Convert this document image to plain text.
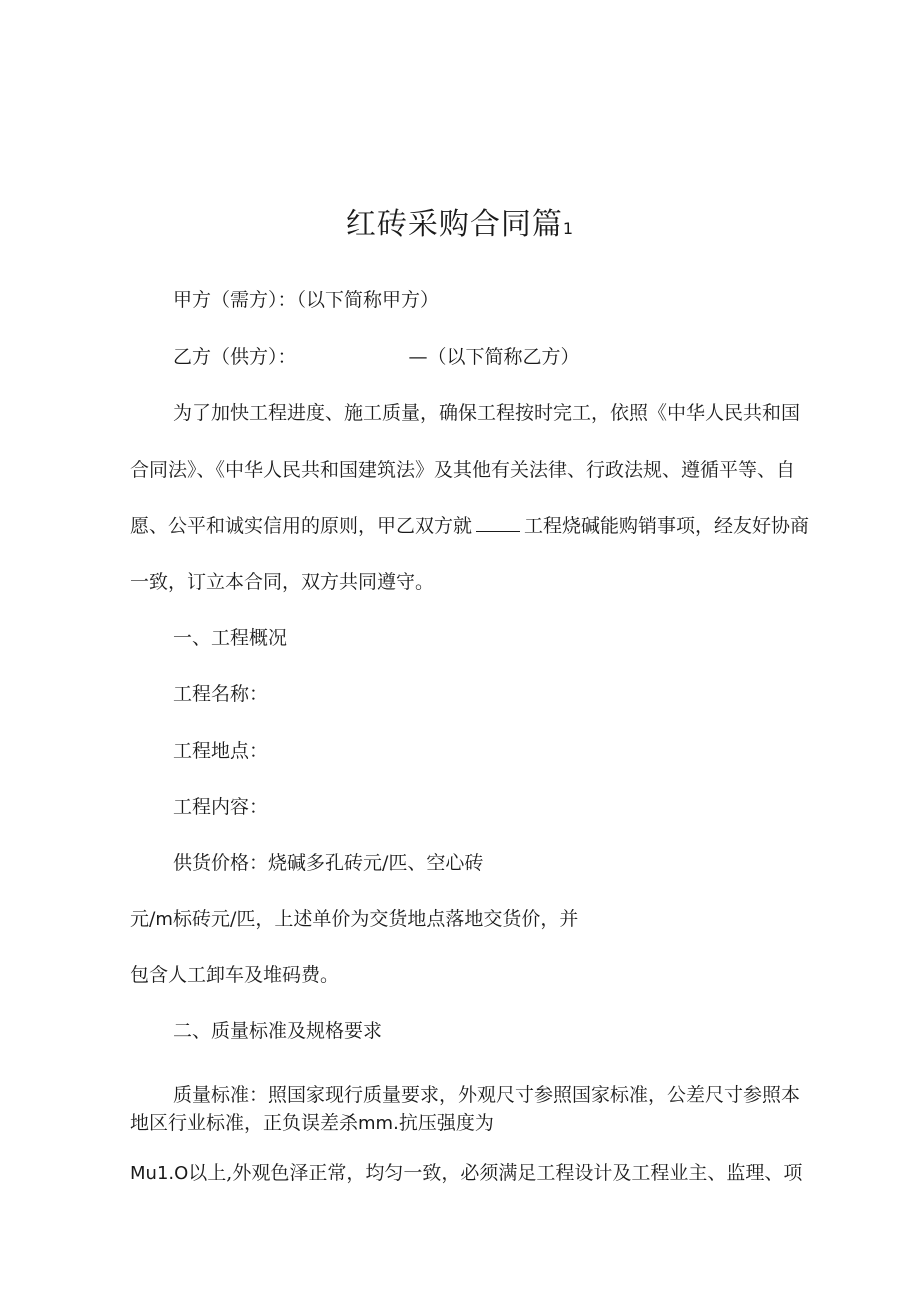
红砖采购合同篇1
甲方（需方）：（以下简称甲方）
乙方（供方）：	—（以下简称乙方）
为了加快工程进度、施工质量，确保工程按时完工，依照《中华人民共和国
合同法》、《中华人民共和国建筑法》及其他有关法律、行政法规、遵循平等、自
愿、公平和诚实信用的原则，甲乙双方就	工程烧碱能购销事项，经友好协商
一致，订立本合同，双方共同遵守。
一、工程概况
工程名称：
工程地点：
工程内容：
供货价格：烧碱多孔砖元/匹、空心砖
元/m标砖元/匹，上述单价为交货地点落地交货价，并
包含人工卸车及堆码费。
二、质量标准及规格要求
质量标准：照国家现行质量要求，外观尺寸参照国家标准，公差尺寸参照本
地区行业标准，正负误差杀mm.抗压强度为
Mu1.O以上,外观色泽正常，均匀一致，必须满足工程设计及工程业主、监理、项
